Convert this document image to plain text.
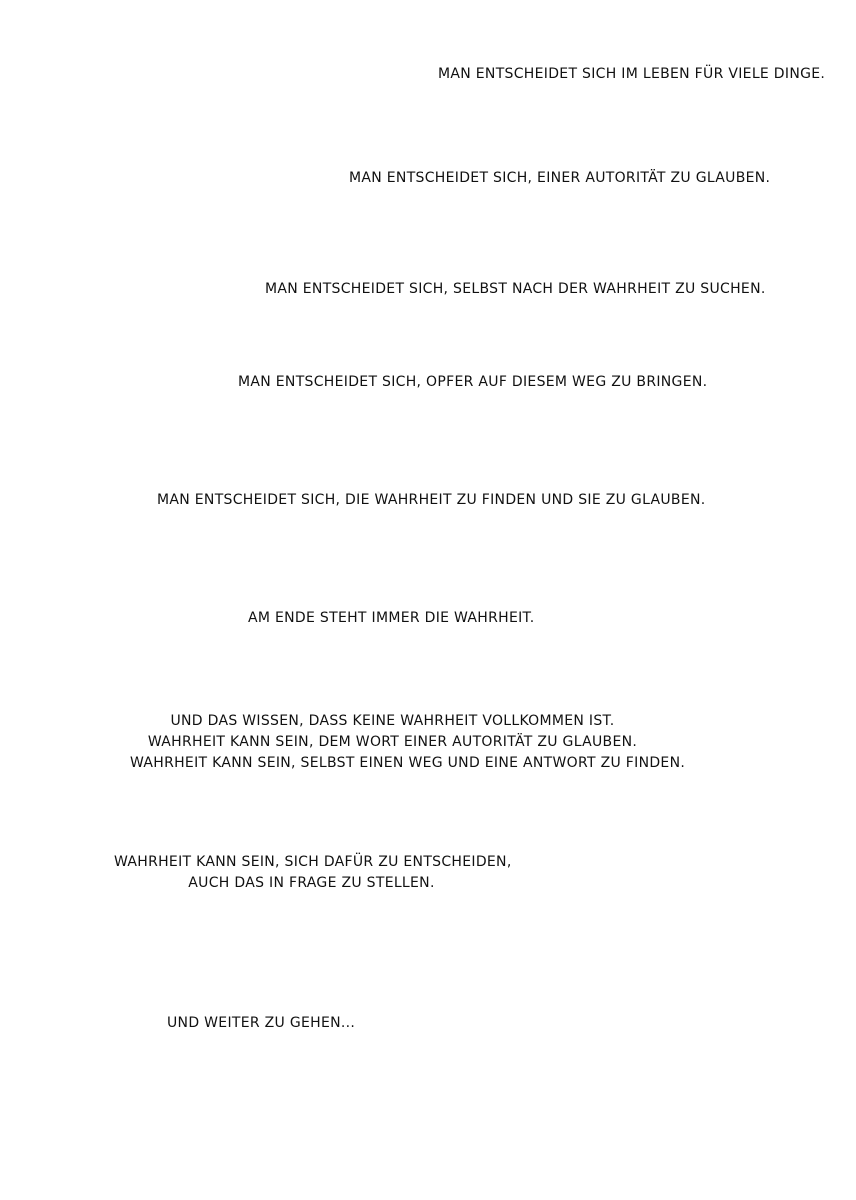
MAN ENTSCHEIDET SICH IM LEBEN FÜR VIELE DINGE.
MAN ENTSCHEIDET SICH, EINER AUTORITÄT ZU GLAUBEN.
MAN ENTSCHEIDET SICH, SELBST NACH DER WAHRHEIT ZU SUCHEN.
MAN ENTSCHEIDET SICH, OPFER AUF DIESEM WEG ZU BRINGEN.
MAN ENTSCHEIDET SICH, DIE WAHRHEIT ZU FINDEN UND SIE ZU GLAUBEN.
AM ENDE STEHT IMMER DIE WAHRHEIT.
UND DAS WISSEN, DASS KEINE WAHRHEIT VOLLKOMMEN IST.
WAHRHEIT KANN SEIN, DEM WORT EINER AUTORITÄT ZU GLAUBEN.
WAHRHEIT KANN SEIN, SELBST EINEN WEG UND EINE ANTWORT ZU FINDEN.
WAHRHEIT KANN SEIN, SICH DAFÜR ZU ENTSCHEIDEN,
AUCH DAS IN FRAGE ZU STELLEN.
UND WEITER ZU GEHEN...
